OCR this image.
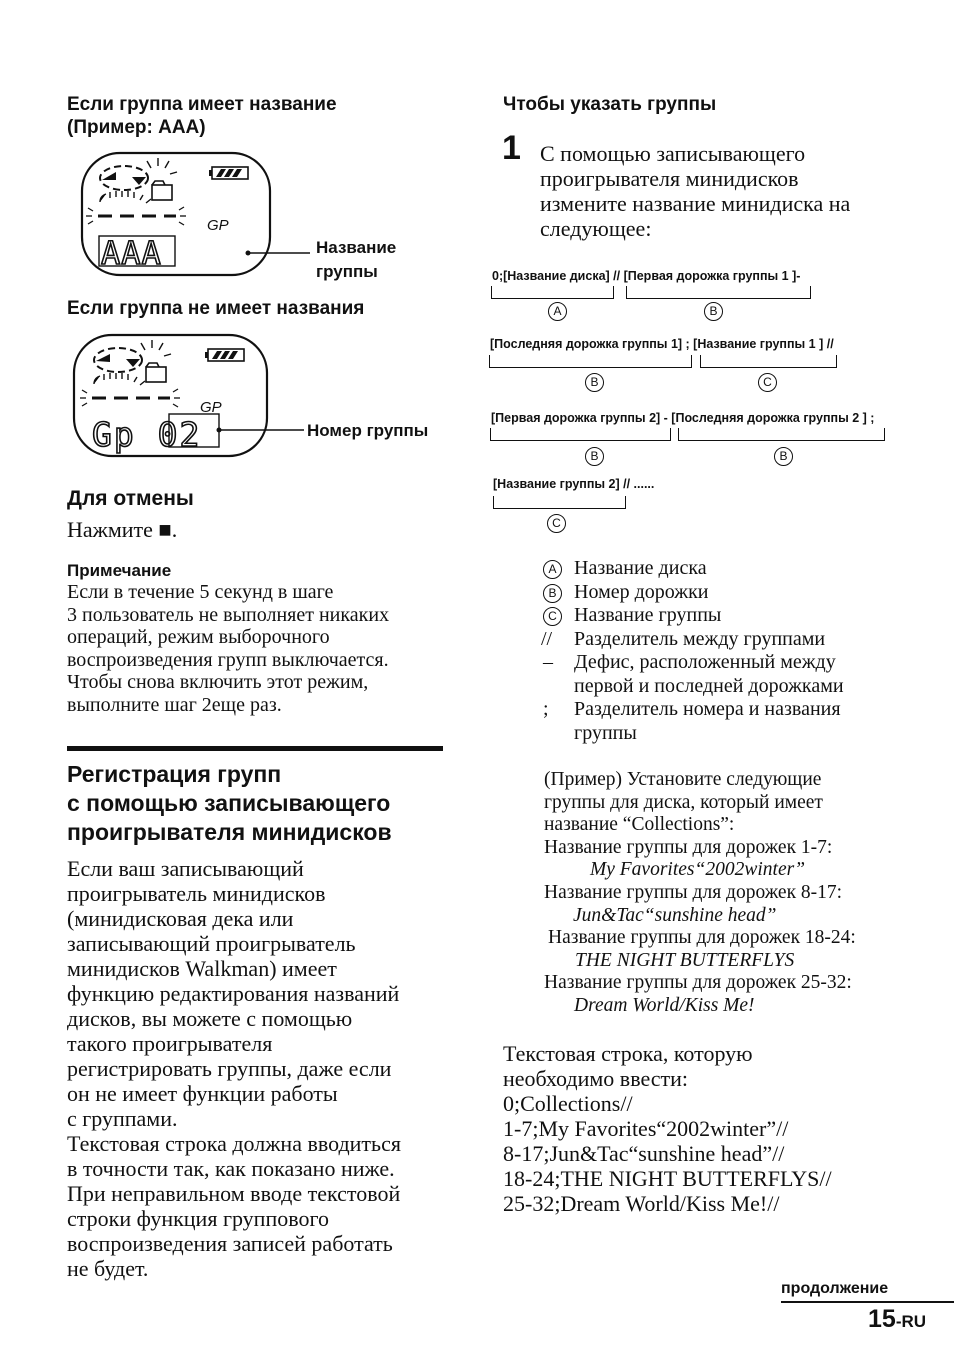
Если группа имеет название
(Пример: AAA)
GP
AAA	Название
группы
Если группа не имеет названия
GP
Gp 02	Номер группы
Для отмены
Нажмите ■.
Примечание
Если в течение 5 секунд в шаге
3 пользователь не выполняет никаких
операций, режим выборочного
воспроизведения групп выключается.
Чтобы снова включить этот режим,
выполните шаг 2еще раз.
Регистрация групп
с помощью записывающего
проигрывателя минидисков
Если ваш записывающий
проигрыватель минидисков
(минидисковая дека или
записывающий проигрыватель
минидисков Walkman) имеет
функцию редактирования названий
дисков, вы можете с помощью
такого проигрывателя
регистрировать группы, даже если
он не имеет функции работы
с группами.
Текстовая строка должна вводиться
в точности так, как показано ниже.
При неправильном вводе текстовой
строки функция группового
воспроизведения записей работать
не будет.
Чтобы указать группы
1 С помощью записывающего
проигрывателя минидисков
измените название минидиска на
следующее:
0;[Название диска] // [Первая дорожка группы 1 ]-
A	B
[Последняя дорожка группы 1] ; [Название группы 1 ] //
B	C
[Первая дорожка группы 2] - [Последняя дорожка группы 2 ] ;
B	B
[Название группы 2] // ......
C
A Название диска
B Номер дорожки
C Название группы
// Разделитель между группами
– Дефис, расположенный между
первой и последней дорожками
; Разделитель номера и названия
группы
(Пример) Установите следующие
группы для диска, который имеет
название “Collections”:
Название группы для дорожек 1-7:
My Favorites“2002winter”
Название группы для дорожек 8-17:
Jun&Tac“sunshine head”
Название группы для дорожек 18-24:
THE NIGHT BUTTERFLYS
Название группы для дорожек 25-32:
Dream World/Kiss Me!
Текстовая строка, которую
необходимо ввести:
0;Collections//
1-7;My Favorites“2002winter”//
8-17;Jun&Tac“sunshine head”//
18-24;THE NIGHT BUTTERFLYS//
25-32;Dream World/Kiss Me!//
продолжение
15-RU
